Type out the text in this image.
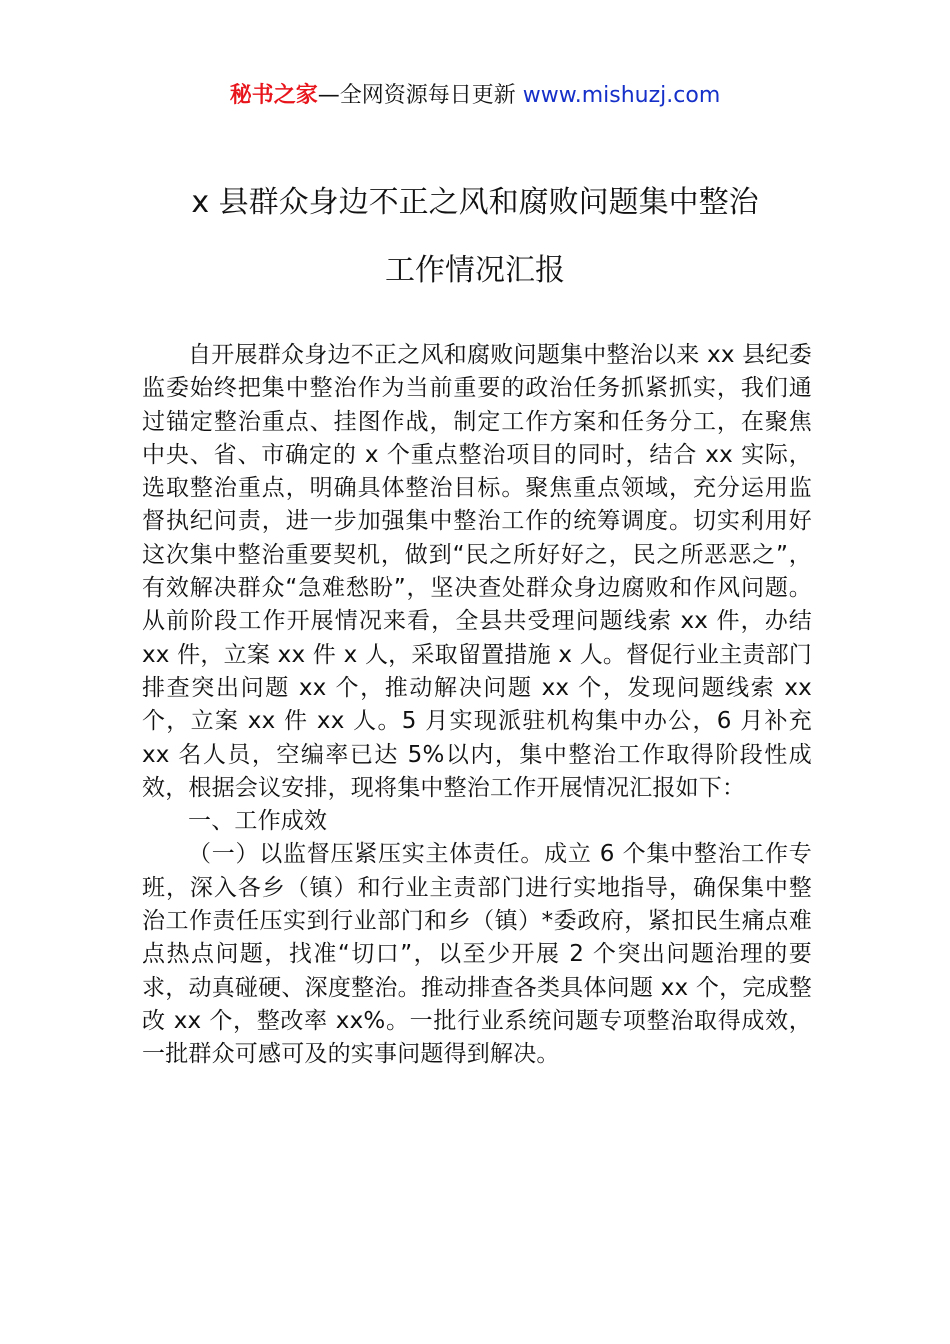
秘书之家—全网资源每日更新 www.mishuzj.com
x 县群众身边不正之风和腐败问题集中整治
工作情况汇报

自开展群众身边不正之风和腐败问题集中整治以来 xx 县纪委监委始终把集中整治作为当前重要的政治任务抓紧抓实，我们通过锚定整治重点、挂图作战，制定工作方案和任务分工，在聚焦中央、省、市确定的 x 个重点整治项目的同时，结合 xx 实际，选取整治重点，明确具体整治目标。聚焦重点领域，充分运用监督执纪问责，进一步加强集中整治工作的统筹调度。切实利用好这次集中整治重要契机，做到“民之所好好之，民之所恶恶之”，有效解决群众“急难愁盼”，坚决查处群众身边腐败和作风问题。从前阶段工作开展情况来看，全县共受理问题线索 xx 件，办结 xx 件，立案 xx 件 x 人，采取留置措施 x 人。督促行业主责部门排查突出问题 xx 个，推动解决问题 xx 个，发现问题线索 xx 个，立案 xx 件 xx 人。5 月实现派驻机构集中办公，6 月补充 xx 名人员，空编率已达 5%以内，集中整治工作取得阶段性成效，根据会议安排，现将集中整治工作开展情况汇报如下：

一、工作成效

（一）以监督压紧压实主体责任。成立 6 个集中整治工作专班，深入各乡（镇）和行业主责部门进行实地指导，确保集中整治工作责任压实到行业部门和乡（镇）*委政府，紧扣民生痛点难点热点问题，找准“切口”，以至少开展 2 个突出问题治理的要求，动真碰硬、深度整治。推动排查各类具体问题 xx 个，完成整改 xx 个，整改率 xx%。一批行业系统问题专项整治取得成效，一批群众可感可及的实事问题得到解决。
